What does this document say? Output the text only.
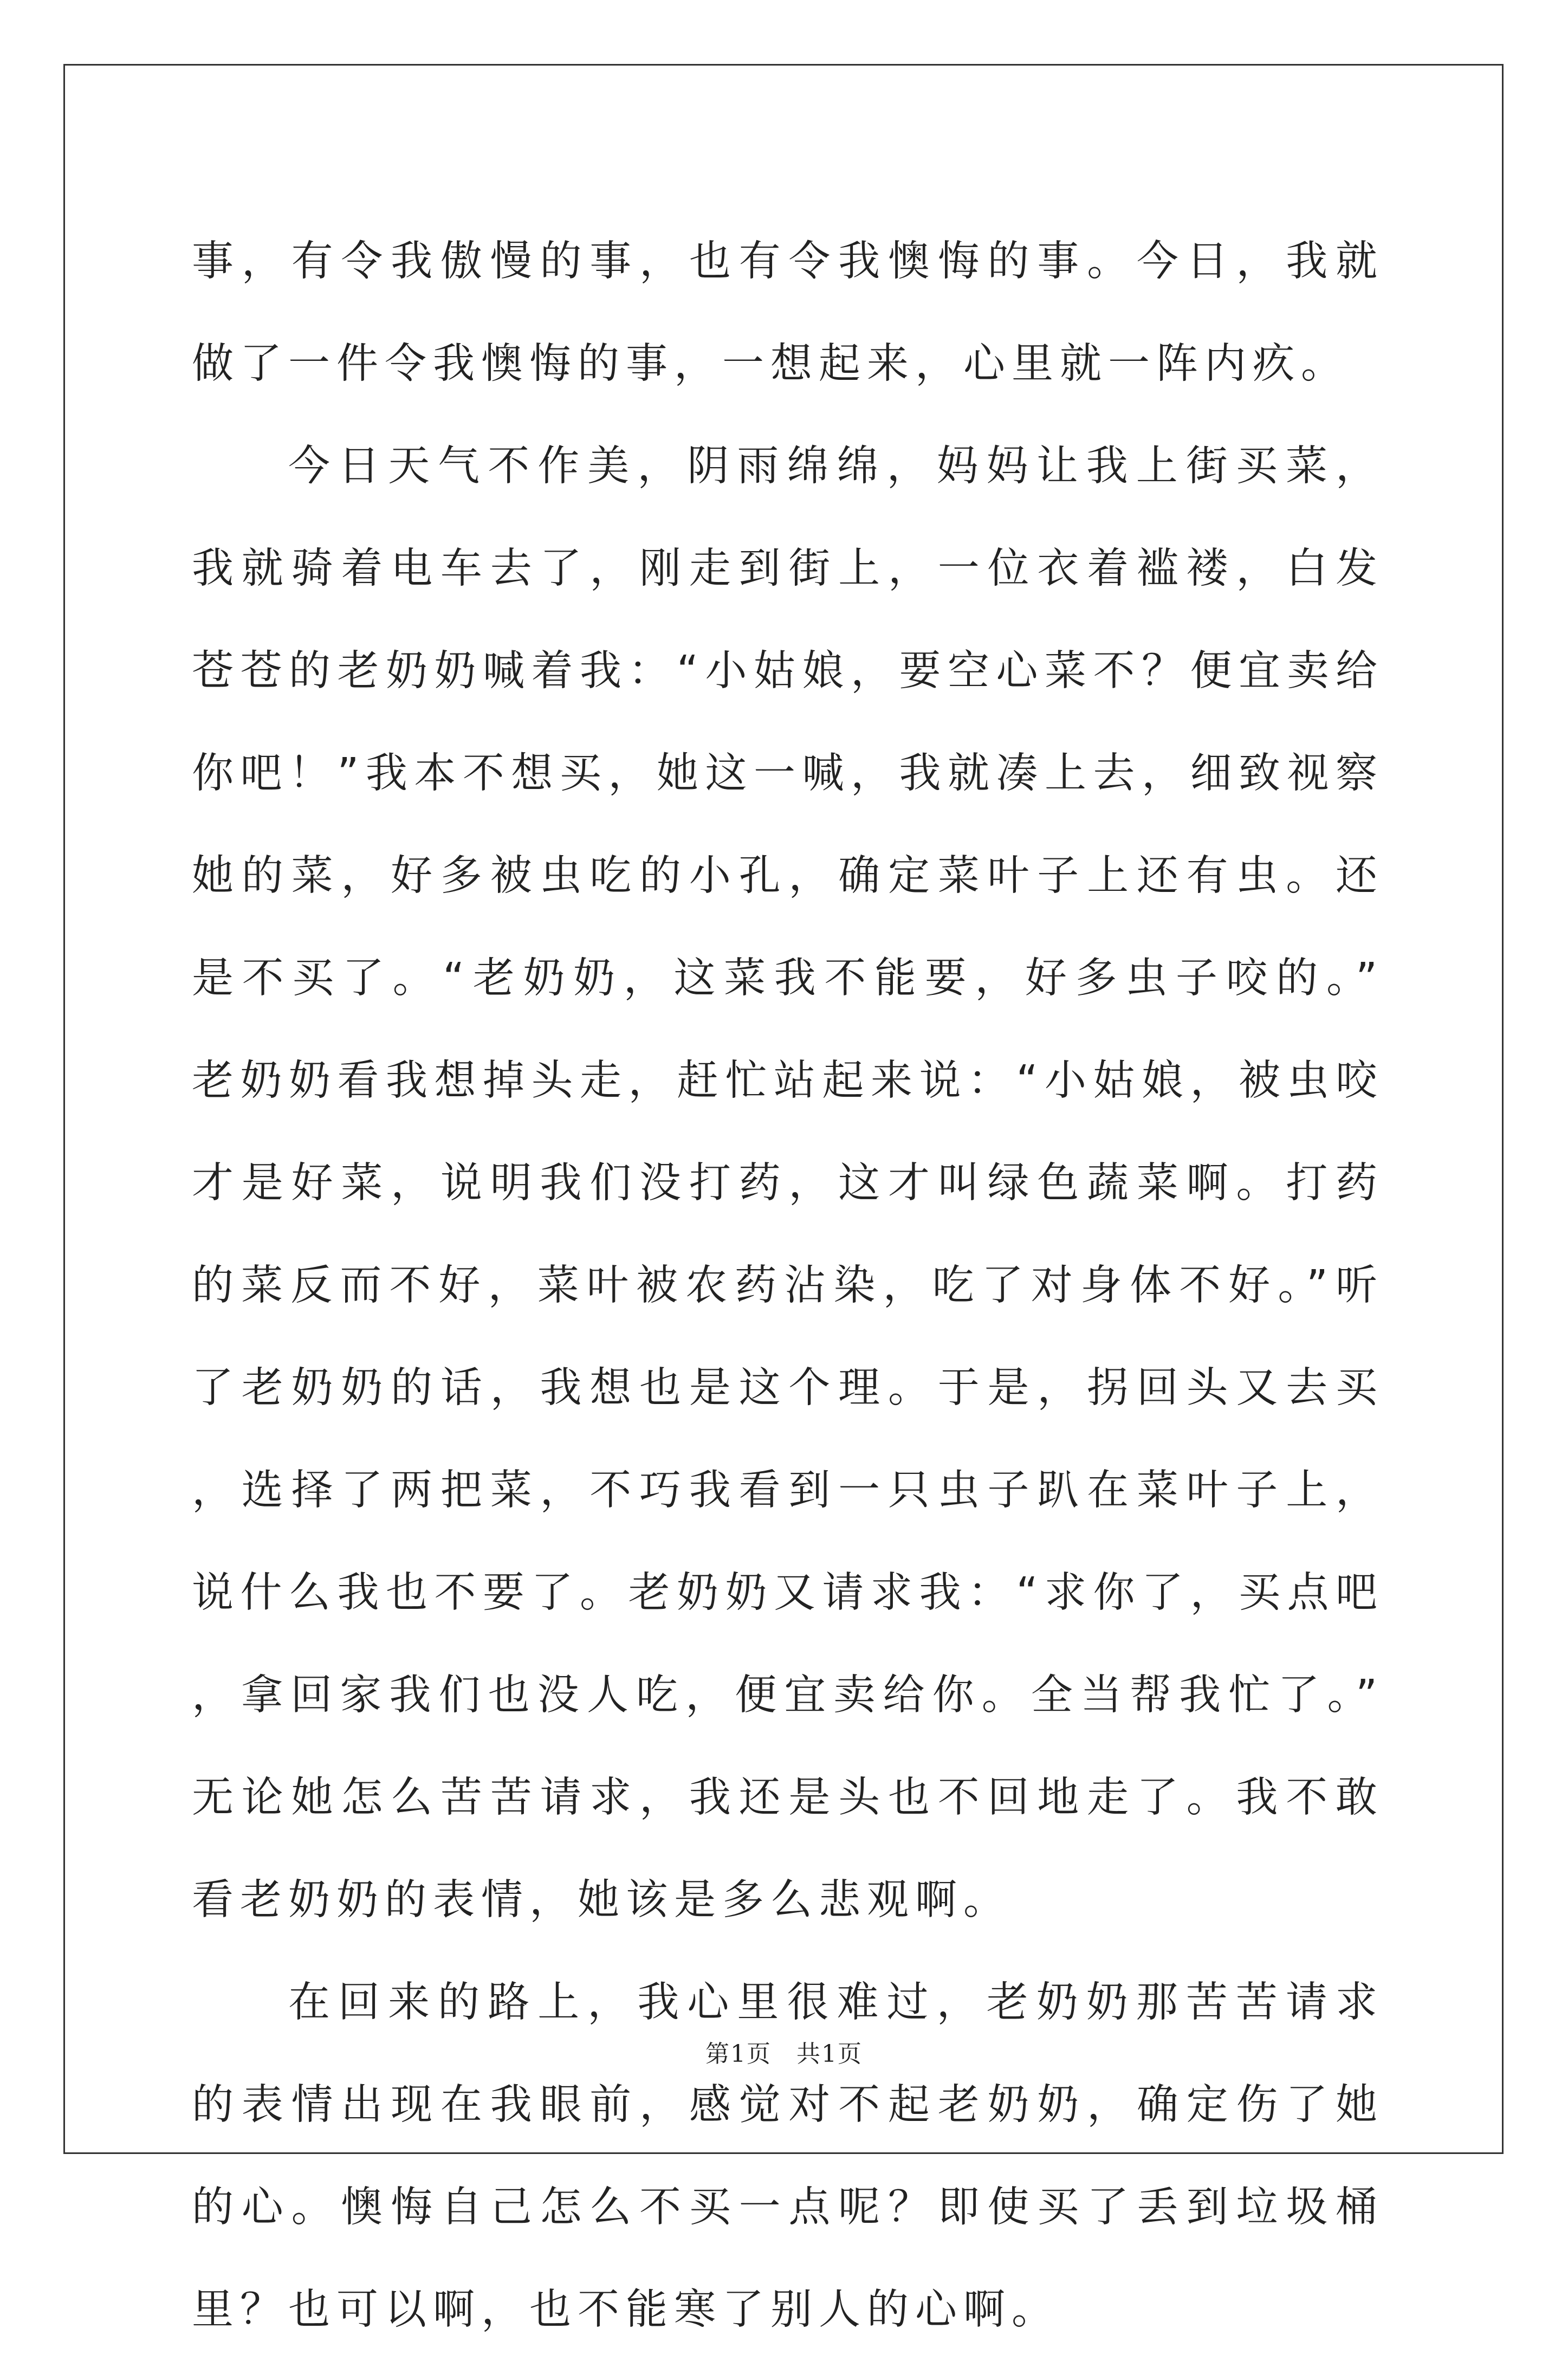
事，有令我傲慢的事，也有令我懊悔的事。今日，我就做了一件令我懊悔的事，一想起来，心里就一阵内疚。

今日天气不作美，阴雨绵绵，妈妈让我上街买菜，我就骑着电车去了，刚走到街上，一位衣着褴褛，白发苍苍的老奶奶喊着我：“小姑娘，要空心菜不？便宜卖给你吧！”我本不想买，她这一喊，我就凑上去，细致视察她的菜，好多被虫吃的小孔，确定菜叶子上还有虫。还是不买了。“老奶奶，这菜我不能要，好多虫子咬的。”老奶奶看我想掉头走，赶忙站起来说：“小姑娘，被虫咬才是好菜，说明我们没打药，这才叫绿色蔬菜啊。打药的菜反而不好，菜叶被农药沾染，吃了对身体不好。”听了老奶奶的话，我想也是这个理。于是，拐回头又去买，选择了两把菜，不巧我看到一只虫子趴在菜叶子上，说什么我也不要了。老奶奶又请求我：“求你了，买点吧，拿回家我们也没人吃，便宜卖给你。全当帮我忙了。”无论她怎么苦苦请求，我还是头也不回地走了。我不敢看老奶奶的表情，她该是多么悲观啊。

在回来的路上，我心里很难过，老奶奶那苦苦请求的表情出现在我眼前，感觉对不起老奶奶，确定伤了她的心。懊悔自己怎么不买一点呢？即使买了丢到垃圾桶里？也可以啊，也不能寒了别人的心啊。

第1页 共1页
